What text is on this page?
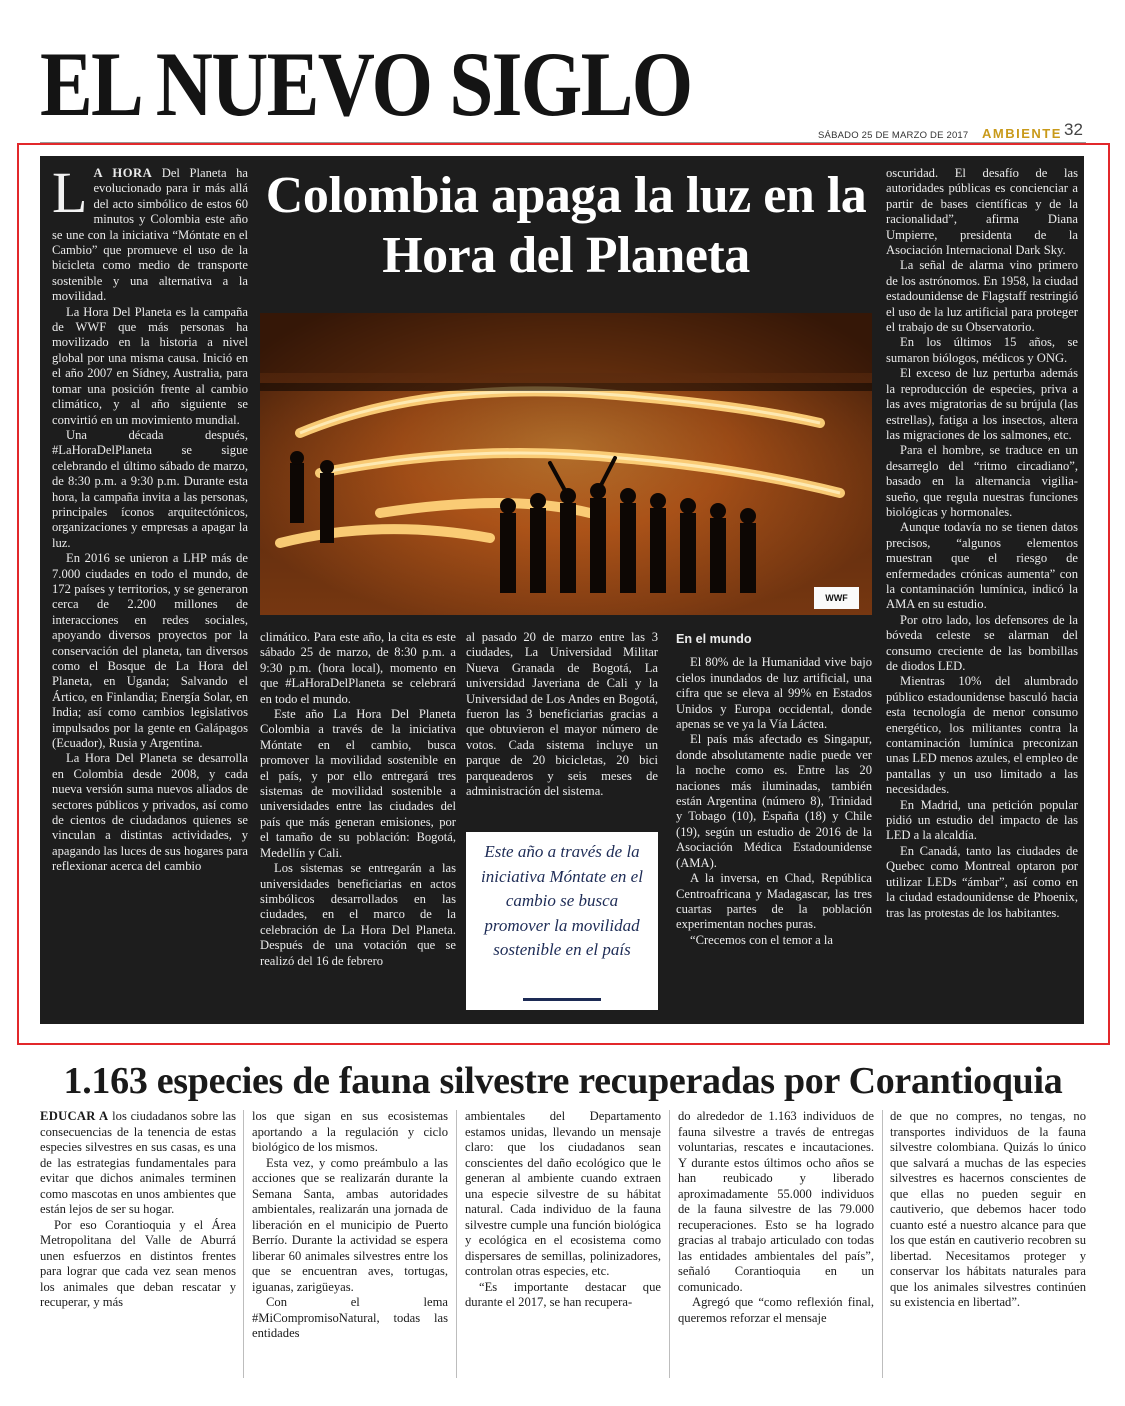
EL NUEVO SIGLO
SÁBADO 25 DE MARZO DE 2017 AMBIENTE 32

L A HORA Del Planeta ha evolucionado para ir más allá del acto simbólico de estos 60 minutos y Colombia este año se une con la iniciativa “Móntate en el Cambio” que promueve el uso de la bicicleta como medio de transporte sostenible y una alternativa a la movilidad.

La Hora Del Planeta es la campaña de WWF que más personas ha movilizado en la historia a nivel global por una misma causa. Inició en el año 2007 en Sídney, Australia, para tomar una posición frente al cambio climático, y al año siguiente se convirtió en un movimiento mundial.

Una década después, #LaHoraDelPlaneta se sigue celebrando el último sábado de marzo, de 8:30 p.m. a 9:30 p.m. Durante esta hora, la campaña invita a las personas, principales íconos arquitectónicos, organizaciones y empresas a apagar la luz.

En 2016 se unieron a LHP más de 7.000 ciudades en todo el mundo, de 172 países y territorios, y se generaron cerca de 2.200 millones de interacciones en redes sociales, apoyando diversos proyectos por la conservación del planeta, tan diversos como el Bosque de La Hora del Planeta, en Uganda; Salvando el Ártico, en Finlandia; Energía Solar, en India; así como cambios legislativos impulsados por la gente en Galápagos (Ecuador), Rusia y Argentina.

La Hora Del Planeta se desarrolla en Colombia desde 2008, y cada nueva versión suma nuevos aliados de sectores públicos y privados, así como de cientos de ciudadanos quienes se vinculan a distintas actividades, y apagando las luces de sus hogares para reflexionar acerca del cambio

Colombia apaga la luz en la Hora del Planeta
WWF

climático. Para este año, la cita es este sábado 25 de marzo, de 8:30 p.m. a 9:30 p.m. (hora local), momento en que #LaHoraDelPlaneta se celebrará en todo el mundo.

Este año La Hora Del Planeta Colombia a través de la iniciativa Móntate en el cambio, busca promover la movilidad sostenible en el país, y por ello entregará tres sistemas de movilidad sostenible a universidades entre las ciudades del país que más generan emisiones, por el tamaño de su población: Bogotá, Medellín y Cali.

Los sistemas se entregarán a las universidades beneficiarias en actos simbólicos desarrollados en las ciudades, en el marco de la celebración de La Hora Del Planeta. Después de una votación que se realizó del 16 de febrero

al pasado 20 de marzo entre las 3 ciudades, La Universidad Militar Nueva Granada de Bogotá, La universidad Javeriana de Cali y la Universidad de Los Andes en Bogotá, fueron las 3 beneficiarias gracias a que obtuvieron el mayor número de votos. Cada sistema incluye un parque de 20 bicicletas, 20 bici parqueaderos y seis meses de administración del sistema.

Este año a través de la iniciativa Móntate en el cambio se busca promover la movilidad sostenible en el país

En el mundo

El 80% de la Humanidad vive bajo cielos inundados de luz artificial, una cifra que se eleva al 99% en Estados Unidos y Europa occidental, donde apenas se ve ya la Vía Láctea.

El país más afectado es Singapur, donde absolutamente nadie puede ver la noche como es. Entre las 20 naciones más iluminadas, también están Argentina (número 8), Trinidad y Tobago (10), España (18) y Chile (19), según un estudio de 2016 de la Asociación Médica Estadounidense (AMA).

A la inversa, en Chad, República Centroafricana y Madagascar, las tres cuartas partes de la población experimentan noches puras.

“Crecemos con el temor a la

oscuridad. El desafío de las autoridades públicas es concienciar a partir de bases científicas y de la racionalidad”, afirma Diana Umpierre, presidenta de la Asociación Internacional Dark Sky.

La señal de alarma vino primero de los astrónomos. En 1958, la ciudad estadounidense de Flagstaff restringió el uso de la luz artificial para proteger el trabajo de su Observatorio.

En los últimos 15 años, se sumaron biólogos, médicos y ONG.

El exceso de luz perturba además la reproducción de especies, priva a las aves migratorias de su brújula (las estrellas), fatiga a los insectos, altera las migraciones de los salmones, etc.

Para el hombre, se traduce en un desarreglo del “ritmo circadiano”, basado en la alternancia vigilia-sueño, que regula nuestras funciones biológicas y hormonales.

Aunque todavía no se tienen datos precisos, “algunos elementos muestran que el riesgo de enfermedades crónicas aumenta” con la contaminación lumínica, indicó la AMA en su estudio.

Por otro lado, los defensores de la bóveda celeste se alarman del consumo creciente de las bombillas de diodos LED.

Mientras 10% del alumbrado público estadounidense basculó hacia esta tecnología de menor consumo energético, los militantes contra la contaminación lumínica preconizan unas LED menos azules, el empleo de pantallas y un uso limitado a las necesidades.

En Madrid, una petición popular pidió un estudio del impacto de las LED a la alcaldía.

En Canadá, tanto las ciudades de Quebec como Montreal optaron por utilizar LEDs “ámbar”, así como en la ciudad estadounidense de Phoenix, tras las protestas de los habitantes.

1.163 especies de fauna silvestre recuperadas por Corantioquia

EDUCAR A los ciudadanos sobre las consecuencias de la tenencia de estas especies silvestres en sus casas, es una de las estrategias fundamentales para evitar que dichos animales terminen como mascotas en unos ambientes que están lejos de ser su hogar.

Por eso Corantioquia y el Área Metropolitana del Valle de Aburrá unen esfuerzos en distintos frentes para lograr que cada vez sean menos los animales que deban rescatar y recuperar, y más

los que sigan en sus ecosistemas aportando a la regulación y ciclo biológico de los mismos.

Esta vez, y como preámbulo a las acciones que se realizarán durante la Semana Santa, ambas autoridades ambientales, realizarán una jornada de liberación en el municipio de Puerto Berrío. Durante la actividad se espera liberar 60 animales silvestres entre los que se encuentran aves, tortugas, iguanas, zarigüeyas.

Con el lema #MiCompromisoNatural, todas las entidades

ambientales del Departamento estamos unidas, llevando un mensaje claro: que los ciudadanos sean conscientes del daño ecológico que le generan al ambiente cuando extraen una especie silvestre de su hábitat natural. Cada individuo de la fauna silvestre cumple una función biológica y ecológica en el ecosistema como dispersares de semillas, polinizadores, controlan otras especies, etc.

“Es importante destacar que durante el 2017, se han recupera-

do alrededor de 1.163 individuos de fauna silvestre a través de entregas voluntarias, rescates e incautaciones. Y durante estos últimos ocho años se han reubicado y liberado aproximadamente 55.000 individuos de la fauna silvestre de las 79.000 recuperaciones. Esto se ha logrado gracias al trabajo articulado con todas las entidades ambientales del país”, señaló Corantioquia en un comunicado.

Agregó que “como reflexión final, queremos reforzar el mensaje

de que no compres, no tengas, no transportes individuos de la fauna silvestre colombiana. Quizás lo único que salvará a muchas de las especies silvestres es hacernos conscientes de que ellas no pueden seguir en cautiverio, que debemos hacer todo cuanto esté a nuestro alcance para que los que están en cautiverio recobren su libertad. Necesitamos proteger y conservar los hábitats naturales para que los animales silvestres continúen su existencia en libertad”.
